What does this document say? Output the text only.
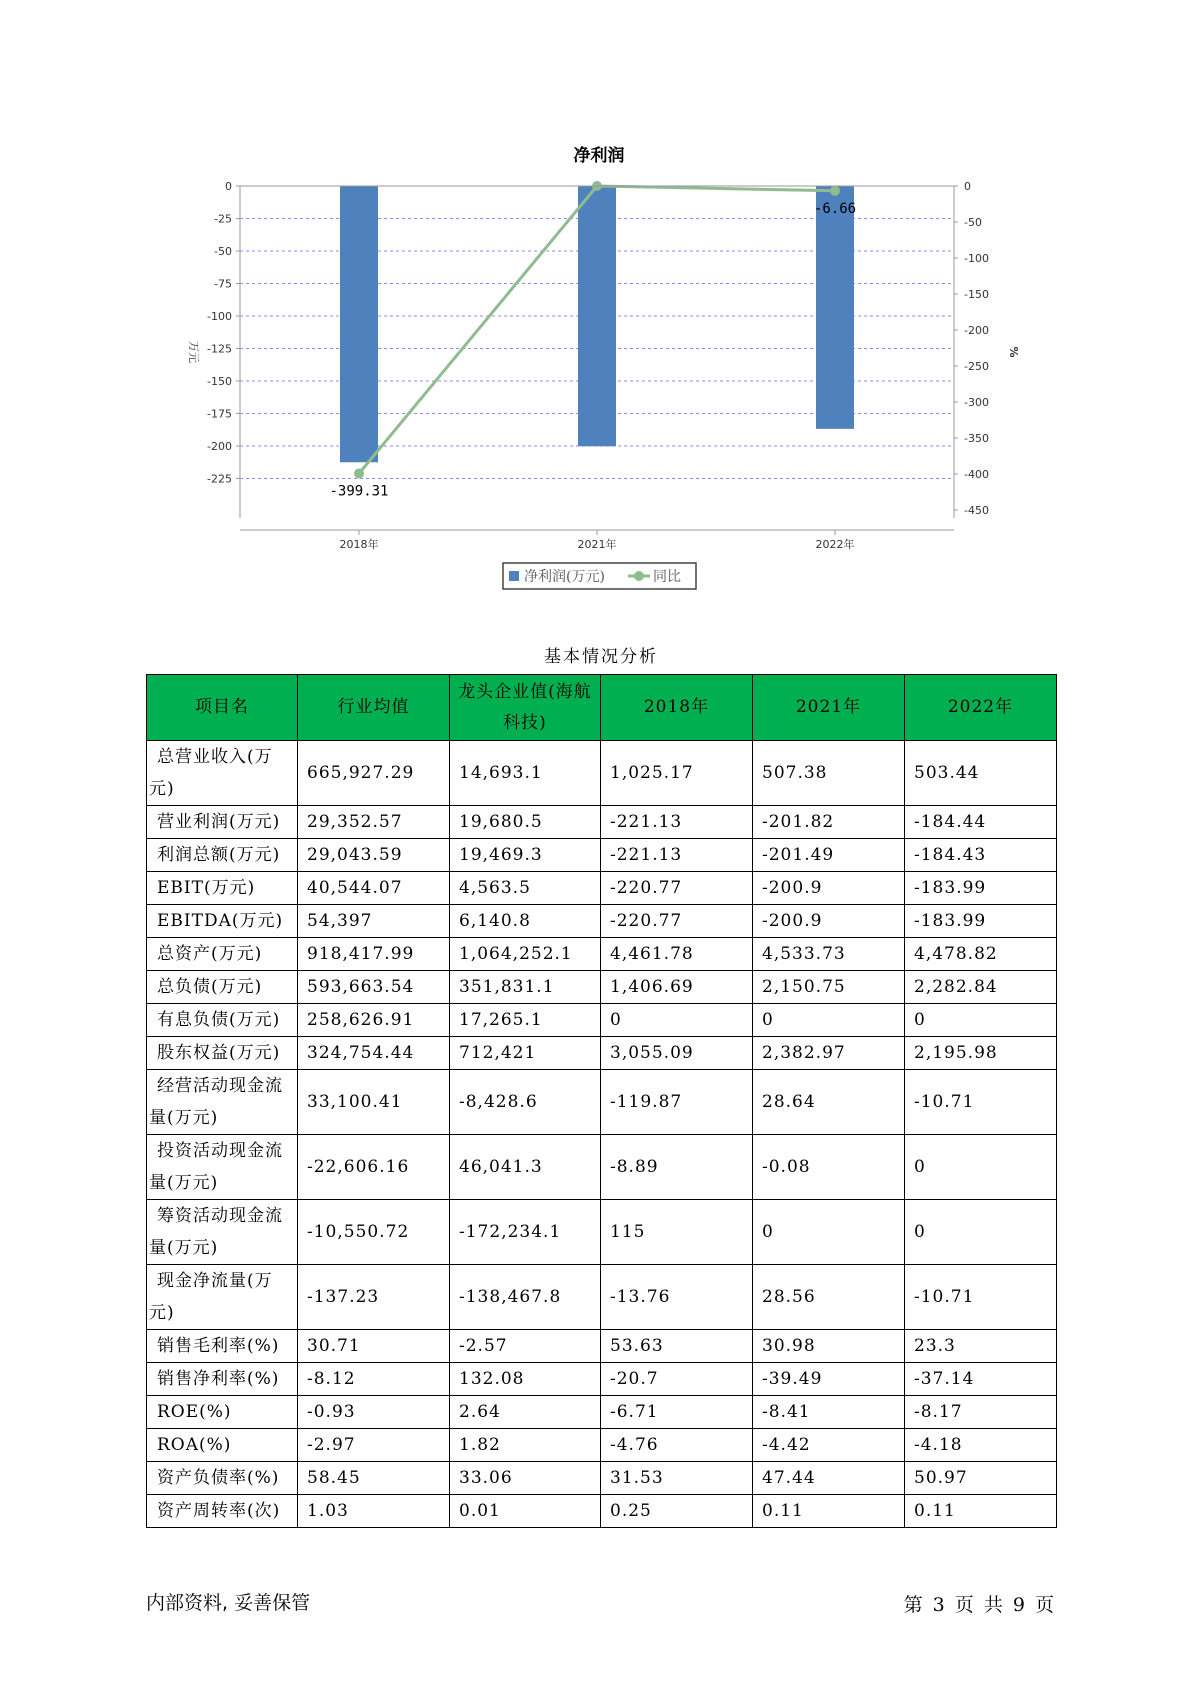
净利润
0
-25
-50
-75
-100
-125
-150
-175
-200
-225
0
-50
-100
-150
-200
-250
-300
-350
-400
-450
万元	%
2018年	2021年	2022年
-399.31
-6.66
净利润(万元)	同比
基本情况分析
项目名	行业均值	龙头企业值(海航科技)	2018年	2021年	2022年
总营业收入(万元)	665,927.29	14,693.1	1,025.17	507.38	503.44
营业利润(万元)	29,352.57	19,680.5	-221.13	-201.82	-184.44
利润总额(万元)	29,043.59	19,469.3	-221.13	-201.49	-184.43
EBIT(万元)	40,544.07	4,563.5	-220.77	-200.9	-183.99
EBITDA(万元)	54,397	6,140.8	-220.77	-200.9	-183.99
总资产(万元)	918,417.99	1,064,252.1	4,461.78	4,533.73	4,478.82
总负债(万元)	593,663.54	351,831.1	1,406.69	2,150.75	2,282.84
有息负债(万元)	258,626.91	17,265.1	0	0	0
股东权益(万元)	324,754.44	712,421	3,055.09	2,382.97	2,195.98
经营活动现金流量(万元)	33,100.41	-8,428.6	-119.87	28.64	-10.71
投资活动现金流量(万元)	-22,606.16	46,041.3	-8.89	-0.08	0
筹资活动现金流量(万元)	-10,550.72	-172,234.1	115	0	0
现金净流量(万元)	-137.23	-138,467.8	-13.76	28.56	-10.71
销售毛利率(%)	30.71	-2.57	53.63	30.98	23.3
销售净利率(%)	-8.12	132.08	-20.7	-39.49	-37.14
ROE(%)	-0.93	2.64	-6.71	-8.41	-8.17
ROA(%)	-2.97	1.82	-4.76	-4.42	-4.18
资产负债率(%)	58.45	33.06	31.53	47.44	50.97
资产周转率(次)	1.03	0.01	0.25	0.11	0.11
内部资料, 妥善保管	第 3 页 共 9 页
